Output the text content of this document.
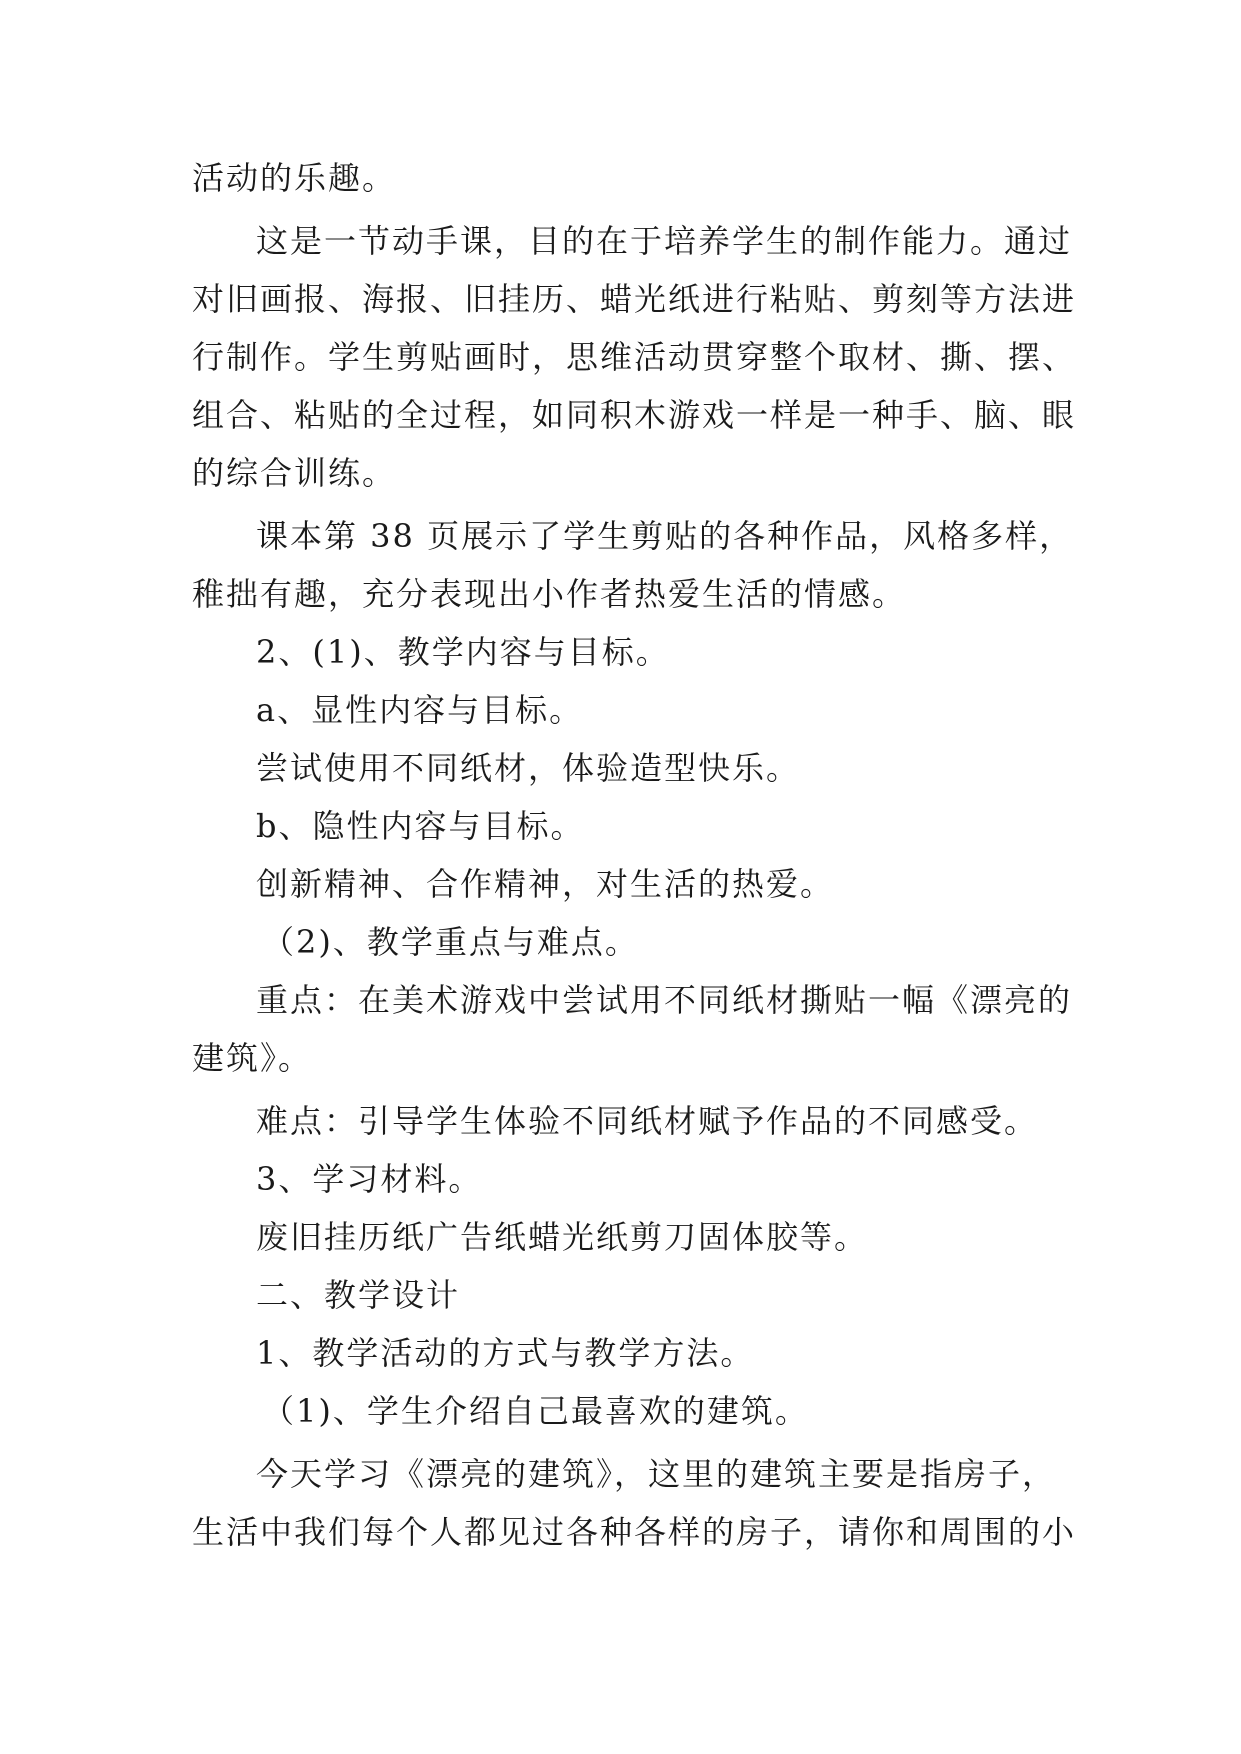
活动的乐趣。
这是一节动手课，目的在于培养学生的制作能力。通过
对旧画报、海报、旧挂历、蜡光纸进行粘贴、剪刻等方法进
行制作。学生剪贴画时，思维活动贯穿整个取材、撕、摆、
组合、粘贴的全过程，如同积木游戏一样是一种手、脑、眼
的综合训练。
课本第 38 页展示了学生剪贴的各种作品，风格多样，
稚拙有趣，充分表现出小作者热爱生活的情感。
2、(1)、教学内容与目标。
a、显性内容与目标。
尝试使用不同纸材，体验造型快乐。
b、隐性内容与目标。
创新精神、合作精神，对生活的热爱。
（2)、教学重点与难点。
重点：在美术游戏中尝试用不同纸材撕贴一幅《漂亮的
建筑》。
难点：引导学生体验不同纸材赋予作品的不同感受。
3、学习材料。
废旧挂历纸广告纸蜡光纸剪刀固体胶等。
二、教学设计
1、教学活动的方式与教学方法。
（1)、学生介绍自己最喜欢的建筑。
今天学习《漂亮的建筑》，这里的建筑主要是指房子，
生活中我们每个人都见过各种各样的房子，请你和周围的小
